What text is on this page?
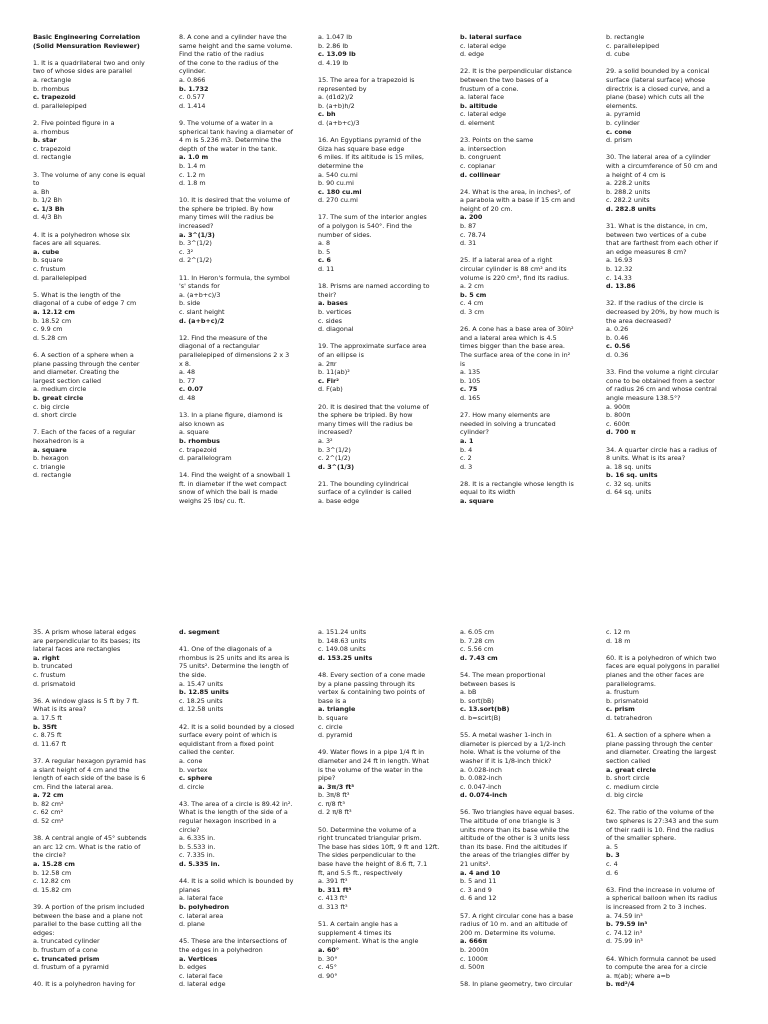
Basic Engineering Correlation
(Solid Mensuration Reviewer)
1. It is a quadrilateral two and only
two of whose sides are parallel
a. rectangle
b. rhombus
c. trapezoid
d. parallelepiped
2. Five pointed figure in a
a. rhombus
b. star
c. trapezoid
d. rectangle
3. The volume of any cone is equal
to
a. Bh
b. 1/2 Bh
c. 1/3 Bh
d. 4/3 Bh
4. It is a polyhedron whose six
faces are all squares.
a. cube
b. square
c. frustum
d. parallelepiped
5. What is the length of the
diagonal of a cube of edge 7 cm
a. 12.12 cm
b. 18.52 cm
c. 9.9 cm
d. 5.28 cm
6. A section of a sphere when a
plane passing through the center
and diameter. Creating the
largest section called
a. medium circle
b. great circle
c. big circle
d. short circle
7. Each of the faces of a regular
hexahedron is a
a. square
b. hexagon
c. triangle
d. rectangle
8. A cone and a cylinder have the
same height and the same volume.
Find the ratio of the radius
of the cone to the radius of the
cylinder.
a. 0.866
b. 1.732
c. 0.577
d. 1.414
9. The volume of a water in a
spherical tank having a diameter of
4 m is 5.236 m3. Determine the
depth of the water in the tank.
a. 1.0 m
b. 1.4 m
c. 1.2 m
d. 1.8 m
10. It is desired that the volume of
the sphere be tripled. By how
many times will the radius be
increased?
a. 3^(1/3)
b. 3^(1/2)
c. 3²
d. 2^(1/2)
11. In Heron's formula, the symbol
's' stands for
a. (a+b+c)/3
b. side
c. slant height
d. (a+b+c)/2
12. Find the measure of the
diagonal of a rectangular
parallelepiped of dimensions 2 x 3
x 8.
a. 48
b. 77
c. 0.07
d. 48
13. In a plane figure, diamond is
also known as
a. square
b. rhombus
c. trapezoid
d. parallelogram
14. Find the weight of a snowball 1
ft. in diameter if the wet compact
snow of which the ball is made
weighs 25 lbs/ cu. ft.
a. 1.047 lb
b. 2.86 lb
c. 13.09 lb
d. 4.19 lb
15. The area for a trapezoid is
represented by
a. (d1d2)/2
b. (a+b)h/2
c. bh
d. (a+b+c)/3
16. An Egyptians pyramid of the
Giza has square base edge
6 miles. If its altitude is 15 miles,
determine the
a. 540 cu.mi
b. 90 cu.mi
c. 180 cu.mi
d. 270 cu.mi
17. The sum of the interior angles
of a polygon is 540°. Find the
number of sides.
a. 8
b. 5
c. 6
d. 11
18. Prisms are named according to
their?
a. bases
b. vertices
c. sides
d. diagonal
19. The approximate surface area
of an ellipse is
a. 2πr
b. 11(ab)²
c. Fir²
d. F(ab)
20. It is desired that the volume of
the sphere be tripled. By how
many times will the radius be
increased?
a. 3²
b. 3^(1/2)
c. 2^(1/2)
d. 3^(1/3)
21. The bounding cylindrical
surface of a cylinder is called
a. base edge
b. lateral surface
c. lateral edge
d. edge
22. It is the perpendicular distance
between the two bases of a
frustum of a cone.
a. lateral face
b. altitude
c. lateral edge
d. element
23. Points on the same
a. intersection
b. congruent
c. coplanar
d. collinear
24. What is the area, in inches², of
a parabola with a base if 15 cm and
height of 20 cm.
a. 200
b. 87
c. 78.74
d. 31
25. If a lateral area of a right
circular cylinder is 88 cm² and its
volume is 220 cm³, find its radius.
a. 2 cm
b. 5 cm
c. 4 cm
d. 3 cm
26. A cone has a base area of 30in²
and a lateral area which is 4.5
times bigger than the base area.
The surface area of the cone in in²
is
a. 135
b. 105
c. 75
d. 165
27. How many elements are
needed in solving a truncated
cylinder?
a. 1
b. 4
c. 2
d. 3
28. It is a rectangle whose length is
equal to its width
a. square
b. rectangle
c. parallelepiped
d. cube
29. a solid bounded by a conical
surface (lateral surface) whose
directrix is a closed curve, and a
plane (base) which cuts all the
elements.
a. pyramid
b. cylinder
c. cone
d. prism
30. The lateral area of a cylinder
with a circumference of 50 cm and
a height of 4 cm is
a. 228.2 units
b. 288.2 units
c. 282.2 units
d. 282.8 units
31. What is the distance, in cm,
between two vertices of a cube
that are farthest from each other if
an edge measures 8 cm?
a. 16.93
b. 12.32
c. 14.33
d. 13.86
32. If the radius of the circle is
decreased by 20%, by how much is
the area decreased?
a. 0.26
b. 0.46
c. 0.56
d. 0.36
33. Find the volume a right circular
cone to be obtained from a sector
of radius 26 cm and whose central
angle measure 138.5°?
a. 900π
b. 800π
c. 600π
d. 700 π
34. A quarter circle has a radius of
8 units. What is its area?
a. 18 sq. units
b. 16 sq. units
c. 32 sq. units
d. 64 sq. units
35. A prism whose lateral edges
are perpendicular to its bases; its
lateral faces are rectangles
a. right
b. truncated
c. frustum
d. prismatoid
36. A window glass is 5 ft by 7 ft.
What is its area?
a. 17.5 ft
b. 35ft
c. 8.75 ft
d. 11.67 ft
37. A regular hexagon pyramid has
a slant height of 4 cm and the
length of each side of the base is 6
cm. Find the lateral area.
a. 72 cm
b. 82 cm²
c. 62 cm²
d. 52 cm²
38. A central angle of 45° subtends
an arc 12 cm. What is the ratio of
the circle?
a. 15.28 cm
b. 12.58 cm
c. 12.82 cm
d. 15.82 cm
39. A portion of the prism included
between the base and a plane not
parallel to the base cutting all the
edges:
a. truncated cylinder
b. frustum of a cone
c. truncated prism
d. frustum of a pyramid
40. It is a polyhedron having for
d. segment
41. One of the diagonals of a
rhombus is 25 units and its area is
75 units². Determine the length of
the side.
a. 15.47 units
b. 12.85 units
c. 18.25 units
d. 12.58 units
42. It is a solid bounded by a closed
surface every point of which is
equidistant from a fixed point
called the center.
a. cone
b. vertex
c. sphere
d. circle
43. The area of a circle is 89.42 in².
What is the length of the side of a
regular hexagon inscribed in a
circle?
a. 6.335 in.
b. 5.533 in.
c. 7.335 in.
d. 5.335 in.
44. It is a solid which is bounded by
planes
a. lateral face
b. polyhedron
c. lateral area
d. plane
45. These are the intersections of
the edges in a polyhedron
a. Vertices
b. edges
c. lateral face
d. lateral edge
a. 151.24 units
b. 148.63 units
c. 149.08 units
d. 153.25 units
48. Every section of a cone made
by a plane passing through its
vertex & containing two points of
base is a
a. triangle
b. square
c. circle
d. pyramid
49. Water flows in a pipe 1/4 ft in
diameter and 24 ft in length. What
is the volume of the water in the
pipe?
a. 3π/3 ft³
b. 3π/8 ft³
c. π/8 ft³
d. 2 π/8 ft³
50. Determine the volume of a
right truncated triangular prism.
The base has sides 10ft, 9 ft and 12ft.
The sides perpendicular to the
base have the height of 8.6 ft, 7.1
ft, and 5.5 ft., respectively
a. 391 ft³
b. 311 ft³
c. 413 ft³
d. 313 ft³
51. A certain angle has a
supplement 4 times its
complement. What is the angle
a. 60°
b. 30°
c. 45°
d. 90°
a. 6.05 cm
b. 7.28 cm
c. 5.56 cm
d. 7.43 cm
54. The mean proportional
between bases is
a. bB
b. sort(bB)
c. 13.sort(bB)
d. b=scirt(B)
55. A metal washer 1-inch in
diameter is pierced by a 1/2-inch
hole. What is the volume of the
washer if it is 1/8-inch thick?
a. 0.028-inch
b. 0.082-inch
c. 0.047-inch
d. 0.074-inch
56. Two triangles have equal bases.
The altitude of one triangle is 3
units more than its base while the
altitude of the other is 3 units less
than its base. Find the altitudes if
the areas of the triangles differ by
21 units².
a. 4 and 10
b. 5 and 11
c. 3 and 9
d. 6 and 12
57. A right circular cone has a base
radius of 10 m. and an altitude of
200 m. Determine its volume.
a. 666π
b. 2000π
c. 1000π
d. 500π
58. In plane geometry, two circular
c. 12 m
d. 18 m
60. It is a polyhedron of which two
faces are equal polygons in parallel
planes and the other faces are
parallelograms.
a. frustum
b. prismatoid
c. prism
d. tetrahedron
61. A section of a sphere when a
plane passing through the center
and diameter. Creating the largest
section called
a. great circle
b. short circle
c. medium circle
d. big circle
62. The ratio of the volume of the
two spheres is 27:343 and the sum
of their radii is 10. Find the radius
of the smaller sphere.
a. 5
b. 3
c. 4
d. 6
63. Find the increase in volume of
a spherical balloon when its radius
is increased from 2 to 3 inches.
a. 74.59 in³
b. 79.59 in³
c. 74.12 in³
d. 75.99 in³
64. Which formula cannot be used
to compute the area for a circle
a. π(ab); where a=b
b. πd²/4
